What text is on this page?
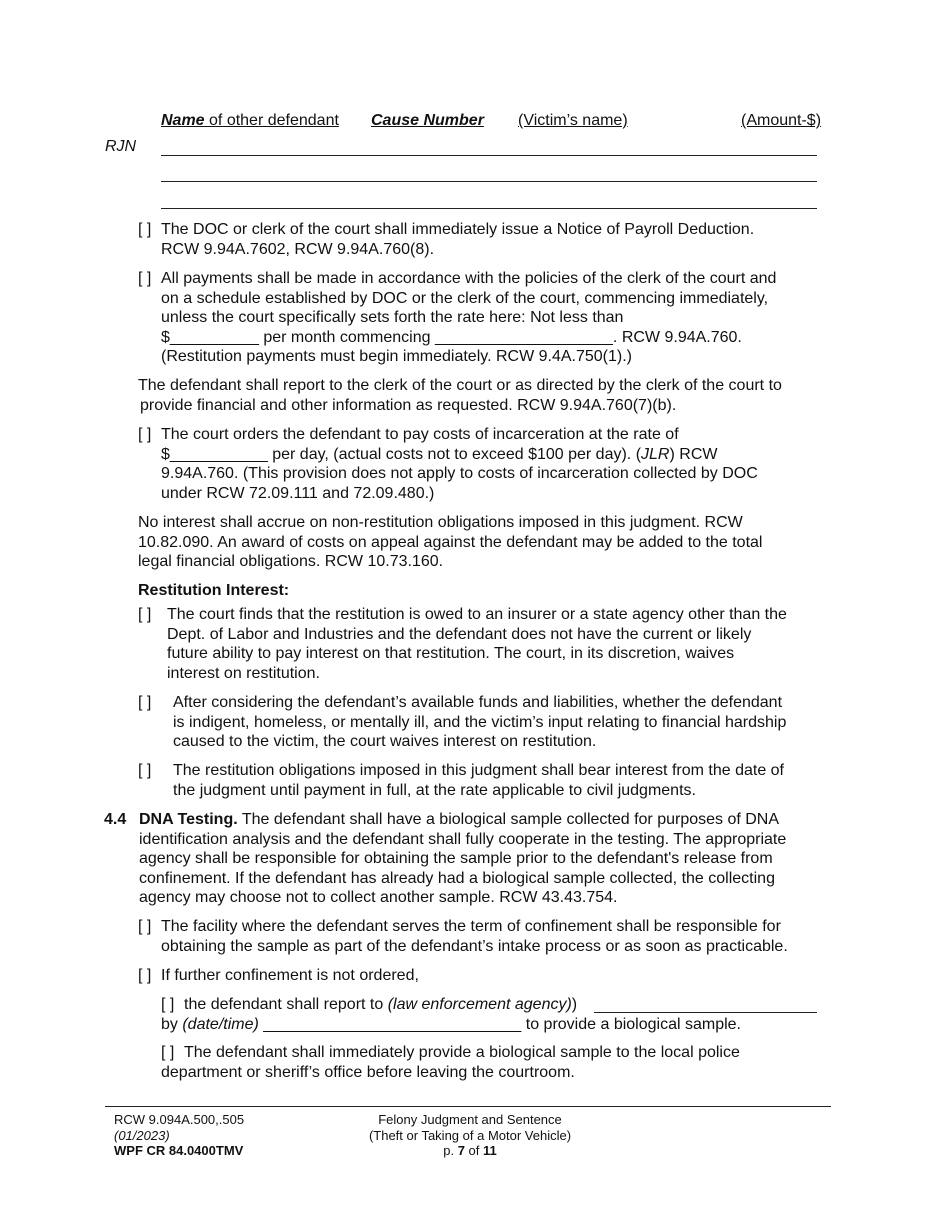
Name of other defendant Cause Number (Victim’s name)	(Amount-$)
RJN
[ ] The DOC or clerk of the court shall immediately issue a Notice of Payroll Deduction.
RCW 9.94A.7602, RCW 9.94A.760(8).
[ ] All payments shall be made in accordance with the policies of the clerk of the court and
on a schedule established by DOC or the clerk of the court, commencing immediately,
unless the court specifically sets forth the rate here: Not less than
$__________ per month commencing ____________________. RCW 9.94A.760.
(Restitution payments must begin immediately. RCW 9.4A.750(1).)
The defendant shall report to the clerk of the court or as directed by the clerk of the court to
provide financial and other information as requested. RCW 9.94A.760(7)(b).
[ ] The court orders the defendant to pay costs of incarceration at the rate of
$___________ per day, (actual costs not to exceed $100 per day). (JLR) RCW
9.94A.760. (This provision does not apply to costs of incarceration collected by DOC
under RCW 72.09.111 and 72.09.480.)
No interest shall accrue on non-restitution obligations imposed in this judgment. RCW
10.82.090. An award of costs on appeal against the defendant may be added to the total
legal financial obligations. RCW 10.73.160.
Restitution Interest:
[ ] The court finds that the restitution is owed to an insurer or a state agency other than the
Dept. of Labor and Industries and the defendant does not have the current or likely
future ability to pay interest on that restitution. The court, in its discretion, waives
interest on restitution.
[ ] After considering the defendant’s available funds and liabilities, whether the defendant
is indigent, homeless, or mentally ill, and the victim’s input relating to financial hardship
caused to the victim, the court waives interest on restitution.
[ ] The restitution obligations imposed in this judgment shall bear interest from the date of
the judgment until payment in full, at the rate applicable to civil judgments.
4.4 DNA Testing. The defendant shall have a biological sample collected for purposes of DNA
identification analysis and the defendant shall fully cooperate in the testing. The appropriate
agency shall be responsible for obtaining the sample prior to the defendant's release from
confinement. If the defendant has already had a biological sample collected, the collecting
agency may choose not to collect another sample. RCW 43.43.754.
[ ] The facility where the defendant serves the term of confinement shall be responsible for
obtaining the sample as part of the defendant’s intake process or as soon as practicable.
[ ] If further confinement is not ordered,
[ ] the defendant shall report to (law enforcement agency))
by (date/time) _____________________________ to provide a biological sample.
[ ] The defendant shall immediately provide a biological sample to the local police
department or sheriff’s office before leaving the courtroom.
RCW 9.094A.500,.505
(01/2023)
WPF CR 84.0400TMV
Felony Judgment and Sentence
(Theft or Taking of a Motor Vehicle)
p. 7 of 11
